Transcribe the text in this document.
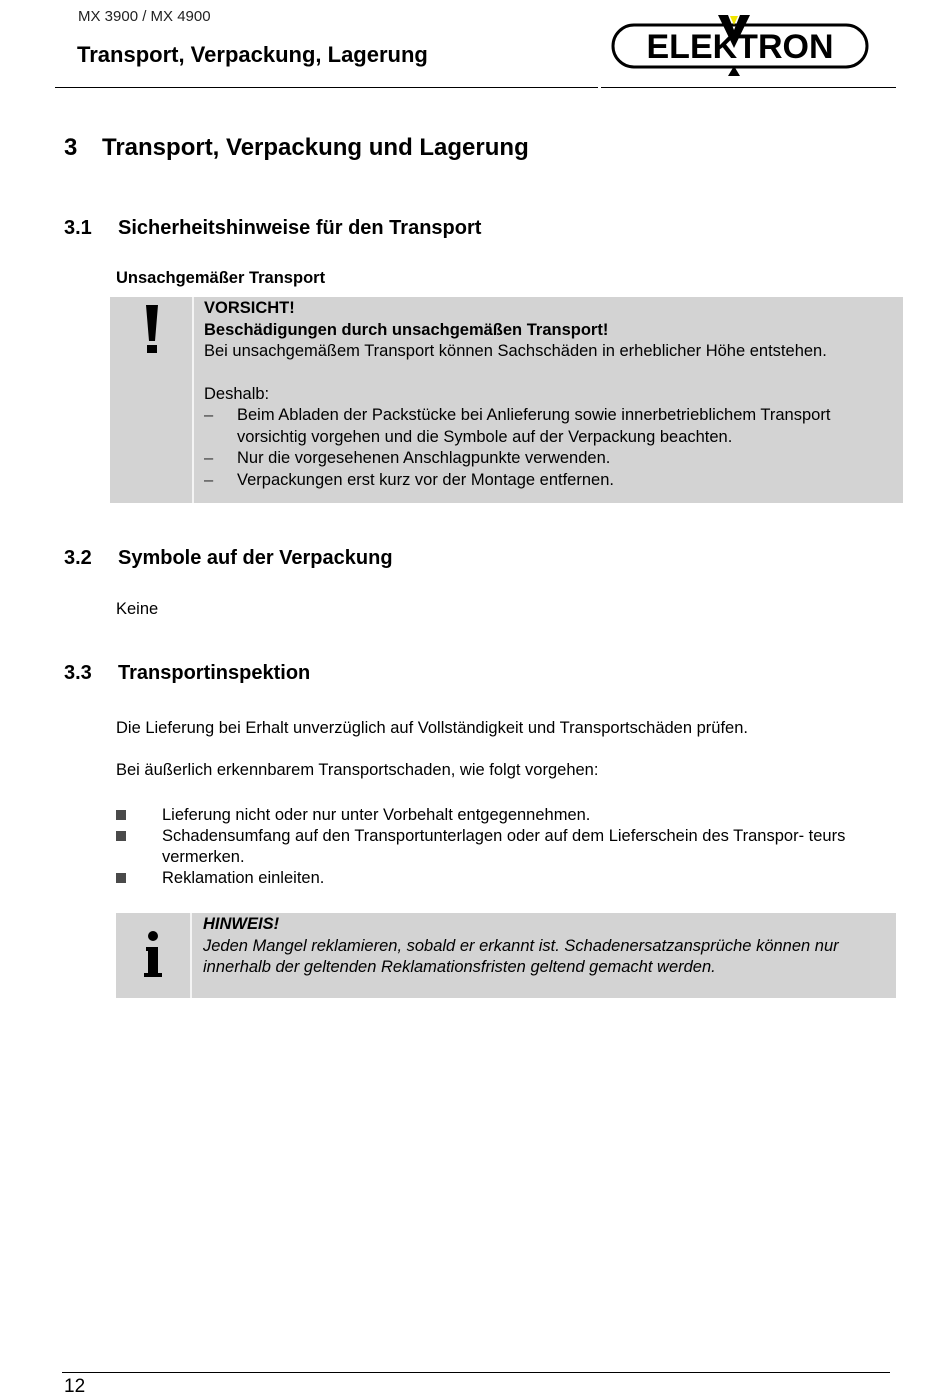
MX 3900 / MX 4900
Transport, Verpackung, Lagerung	ELEKTRON
3 Transport, Verpackung und Lagerung
3.1 Sicherheitshinweise für den Transport
Unsachgemäßer Transport
VORSICHT!
Beschädigungen durch unsachgemäßen Transport!
Bei unsachgemäßem Transport können Sachschäden in erheblicher Höhe entstehen.
Deshalb:
– Beim Abladen der Packstücke bei Anlieferung sowie innerbetrieblichem Transport vorsichtig vorgehen und die Symbole auf der Verpackung beachten.
– Nur die vorgesehenen Anschlagpunkte verwenden.
– Verpackungen erst kurz vor der Montage entfernen.
3.2 Symbole auf der Verpackung
Keine
3.3 Transportinspektion
Die Lieferung bei Erhalt unverzüglich auf Vollständigkeit und Transportschäden prüfen.
Bei äußerlich erkennbarem Transportschaden, wie folgt vorgehen:
Lieferung nicht oder nur unter Vorbehalt entgegennehmen.
Schadensumfang auf den Transportunterlagen oder auf dem Lieferschein des Transpor- teurs vermerken.
Reklamation einleiten.
HINWEIS!
Jeden Mangel reklamieren, sobald er erkannt ist. Schadenersatzansprüche können nur innerhalb der geltenden Reklamationsfristen geltend gemacht werden.
12
